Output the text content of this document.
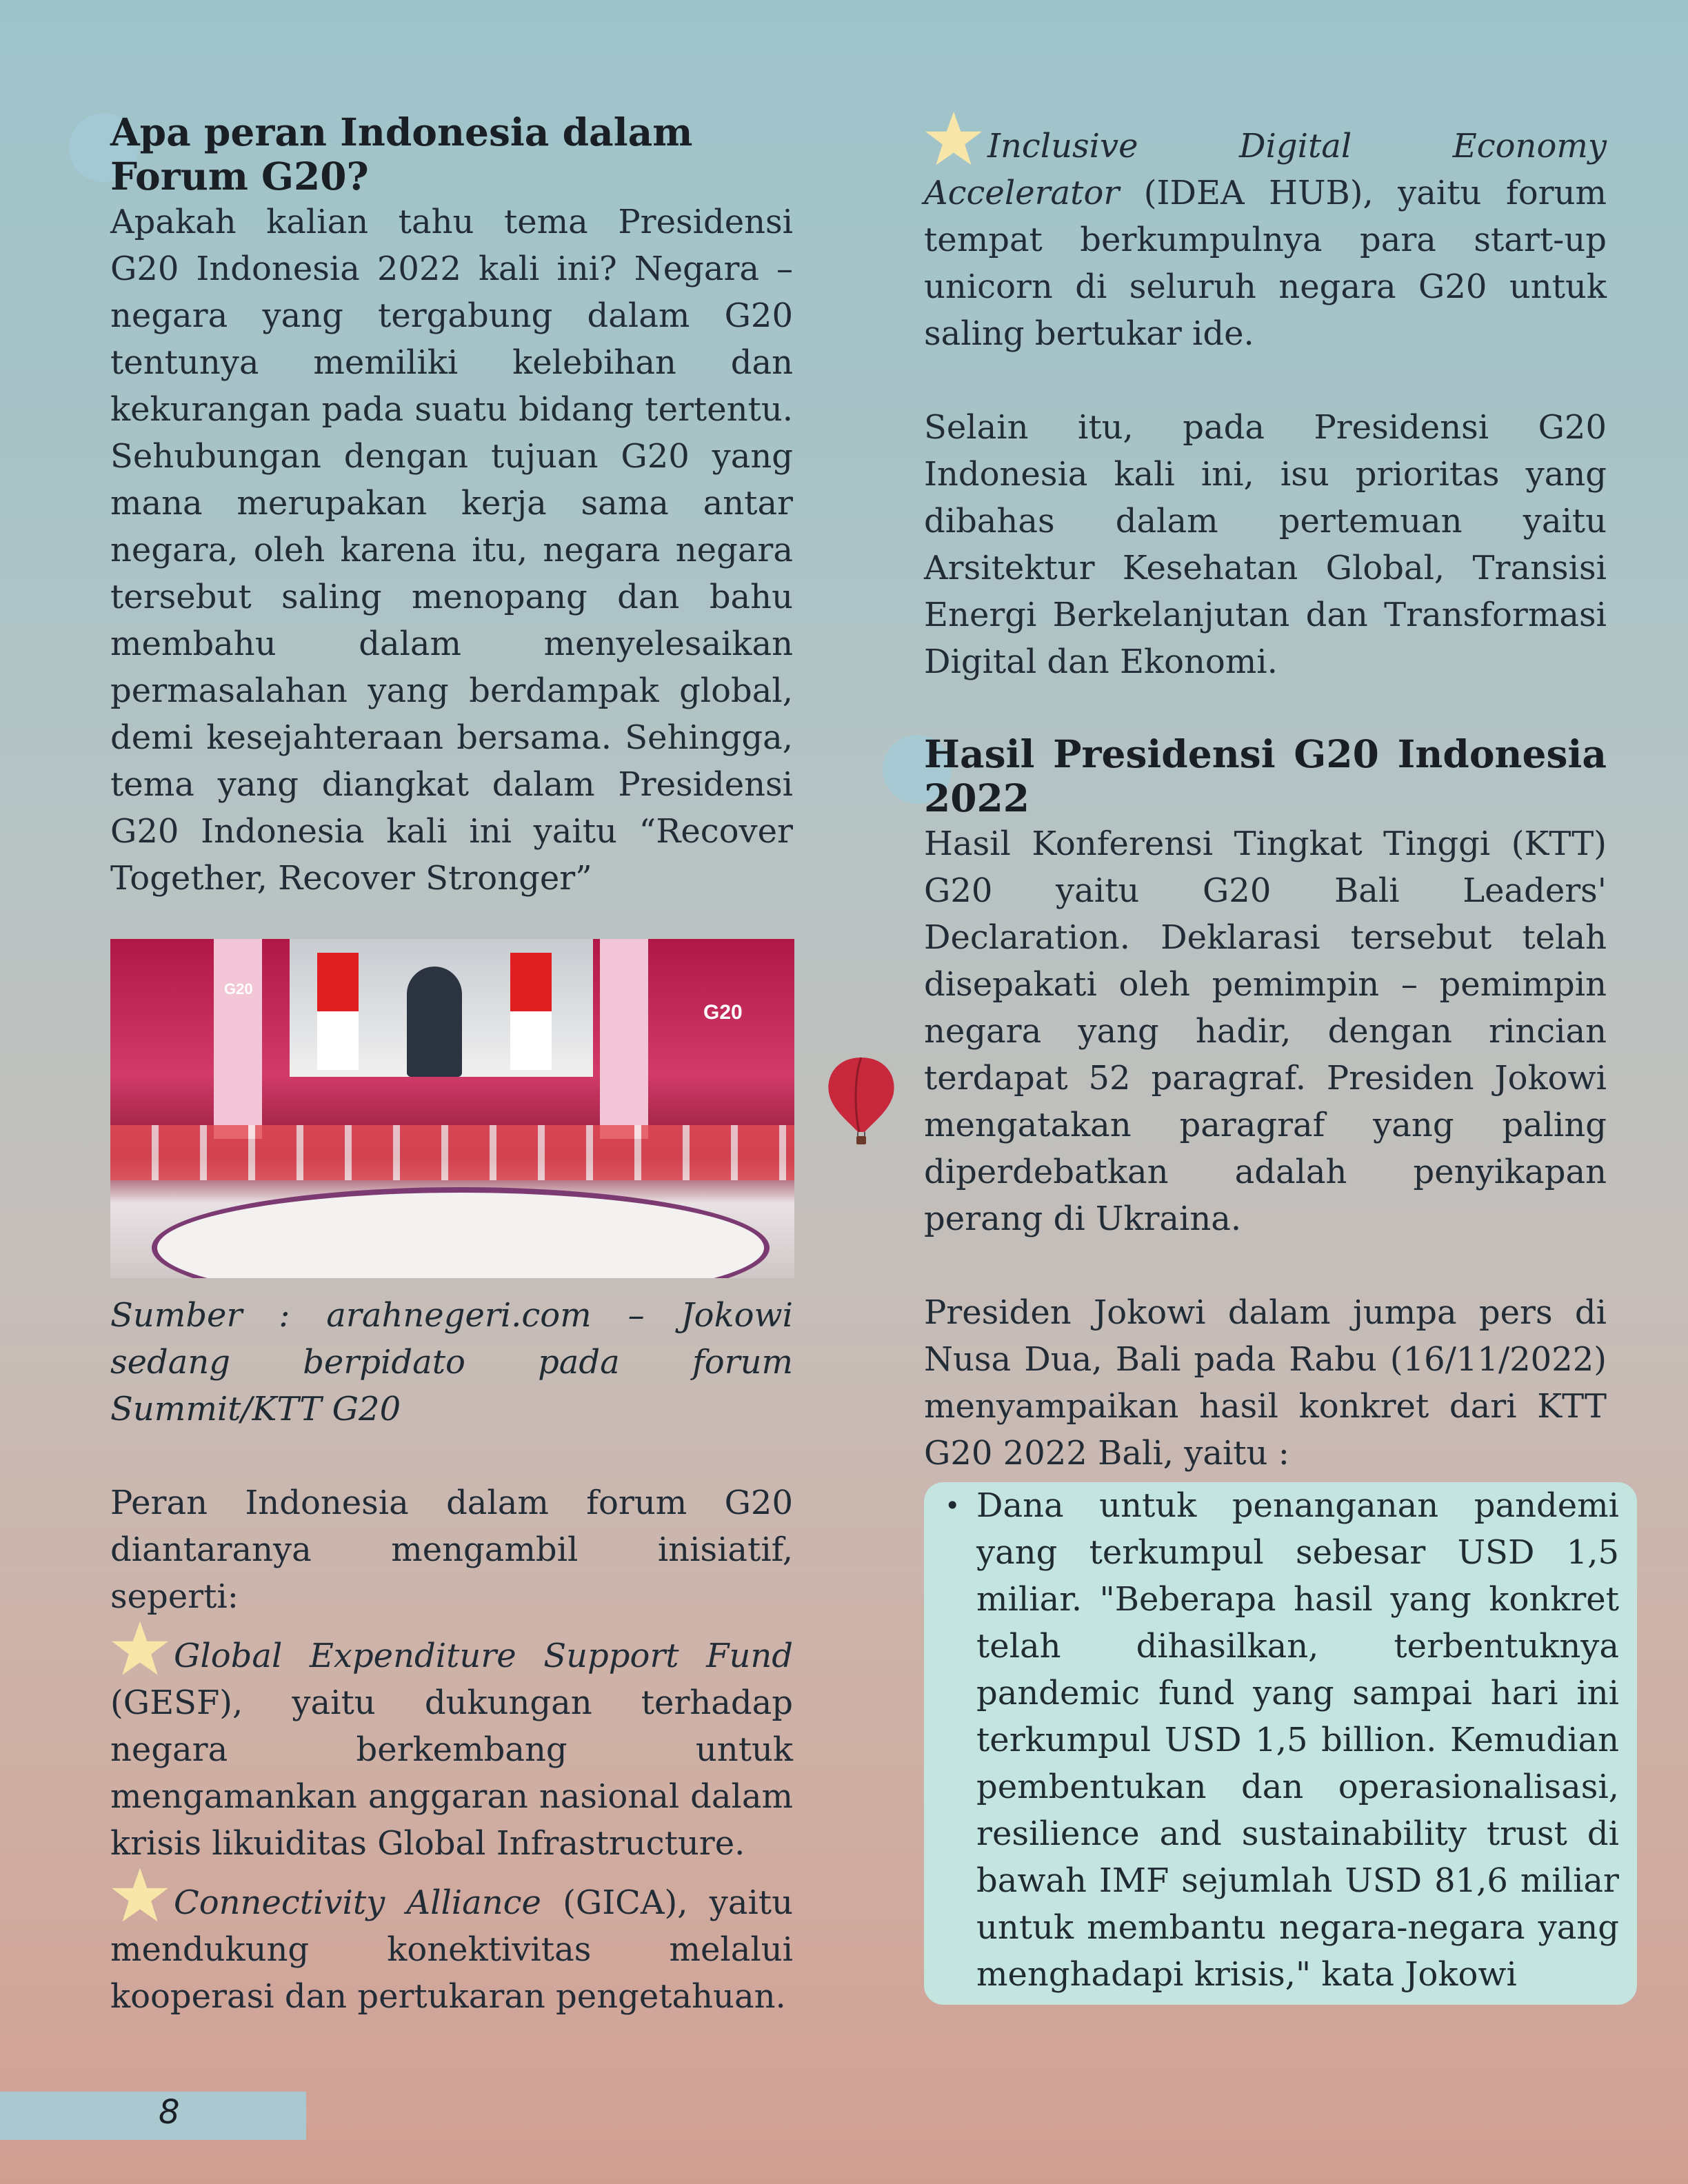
Apa peran Indonesia dalam Forum G20?

Apakah kalian tahu tema Presidensi G20 Indonesia 2022 kali ini? Negara – negara yang tergabung dalam G20 tentunya memiliki kelebihan dan kekurangan pada suatu bidang tertentu. Sehubungan dengan tujuan G20 yang mana merupakan kerja sama antar negara, oleh karena itu, negara negara tersebut saling menopang dan bahu membahu dalam menyelesaikan permasalahan yang berdampak global, demi kesejahteraan bersama. Sehingga, tema yang diangkat dalam Presidensi G20 Indonesia kali ini yaitu “Recover Together, Recover Stronger”

G20
G20

Sumber : arahnegeri.com – Jokowi sedang berpidato pada forum Summit/KTT G20

Peran Indonesia dalam forum G20 diantaranya mengambil inisiatif, seperti:

Global Expenditure Support Fund (GESF), yaitu dukungan terhadap negara berkembang untuk mengamankan anggaran nasional dalam krisis likuiditas Global Infrastructure.

Connectivity Alliance (GICA), yaitu mendukung konektivitas melalui kooperasi dan pertukaran pengetahuan.

Inclusive Digital Economy Accelerator (IDEA HUB), yaitu forum tempat berkumpulnya para start-up unicorn di seluruh negara G20 untuk saling bertukar ide.

Selain itu, pada Presidensi G20 Indonesia kali ini, isu prioritas yang dibahas dalam pertemuan yaitu Arsitektur Kesehatan Global, Transisi Energi Berkelanjutan dan Transformasi Digital dan Ekonomi.

Hasil Presidensi G20 Indonesia 2022

Hasil Konferensi Tingkat Tinggi (KTT) G20 yaitu G20 Bali Leaders' Declaration. Deklarasi tersebut telah disepakati oleh pemimpin – pemimpin negara yang hadir, dengan rincian terdapat 52 paragraf. Presiden Jokowi mengatakan paragraf yang paling diperdebatkan adalah penyikapan perang di Ukraina.

Presiden Jokowi dalam jumpa pers di Nusa Dua, Bali pada Rabu (16/11/2022) menyampaikan hasil konkret dari KTT G20 2022 Bali, yaitu :

• Dana untuk penanganan pandemi yang terkumpul sebesar USD 1,5 miliar. "Beberapa hasil yang konkret telah dihasilkan, terbentuknya pandemic fund yang sampai hari ini terkumpul USD 1,5 billion. Kemudian pembentukan dan operasionalisasi, resilience and sustainability trust di bawah IMF sejumlah USD 81,6 miliar untuk membantu negara-negara yang menghadapi krisis," kata Jokowi
8
